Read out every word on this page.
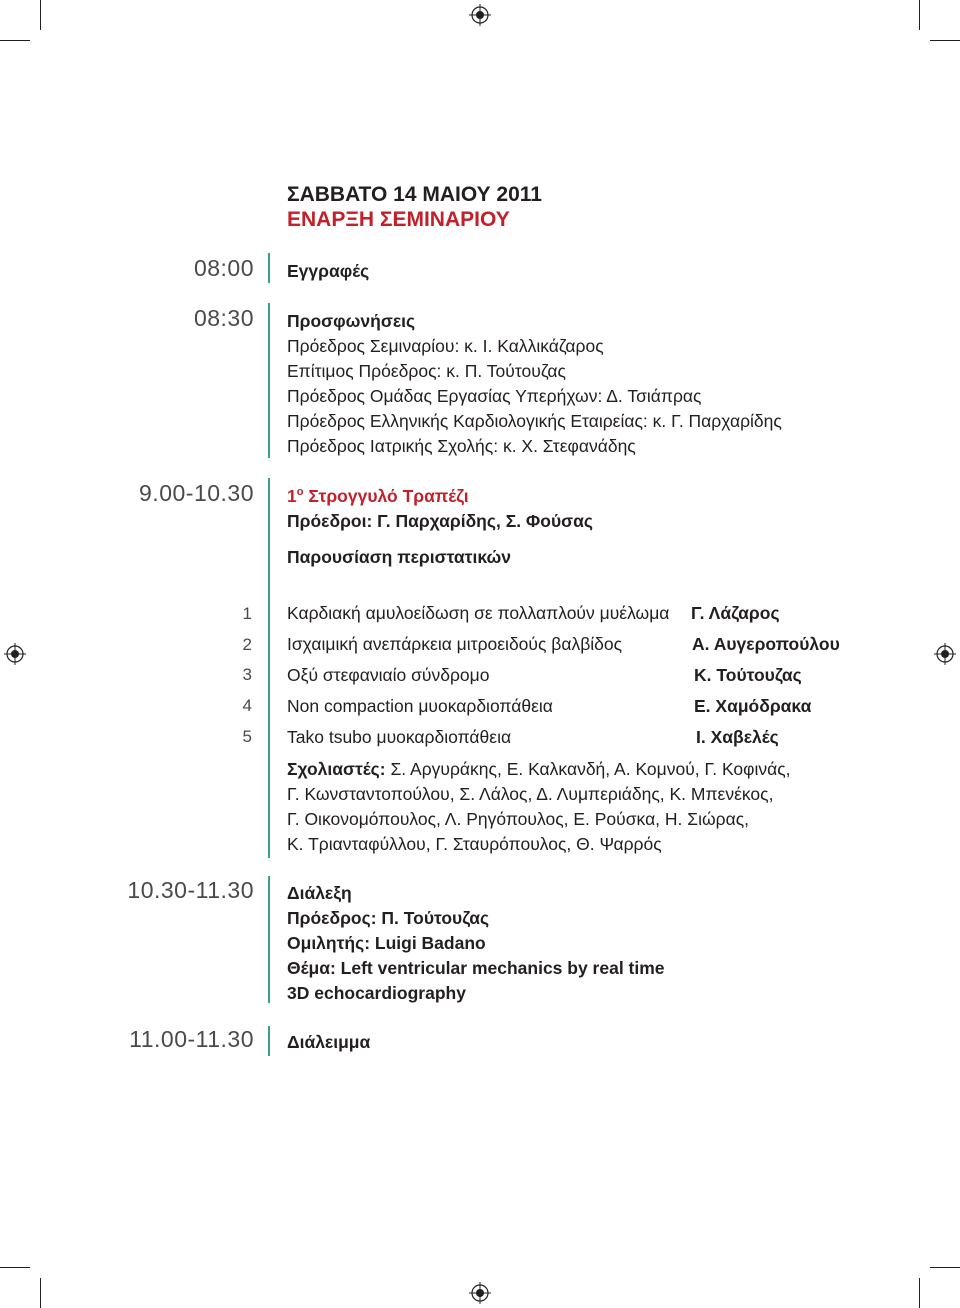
ΣΑΒΒΑΤΟ 14 ΜΑΙΟΥ 2011
ΕΝΑΡΞΗ ΣΕΜΙΝΑΡΙΟΥ
08:00 Εγγραφές
08:30 Προσφωνήσεις
Πρόεδρος Σεμιναρίου: κ. Ι. Καλλικάζαρος
Επίτιμος Πρόεδρος: κ. Π. Τούτουζας
Πρόεδρος Ομάδας Εργασίας Υπερήχων: Δ. Τσιάπρας
Πρόεδρος Ελληνικής Καρδιολογικής Εταιρείας: κ. Γ. Παρχαρίδης
Πρόεδρος Ιατρικής Σχολής: κ. Χ. Στεφανάδης
9.00-10.30 $1^o$ Στρογγυλό Τραπέζι
Πρόεδροι: Γ. Παρχαρίδης, Σ. Φούσας
Παρουσίαση περιστατικών
1 Καρδιακή αμυλοείδωση σε πολλαπλούν μυέλωμα Γ. Λάζαρος
2 Ισχαιμική ανεπάρκεια μιτροειδούς βαλβίδος	Α. Αυγεροπούλου
3 Οξύ στεφανιαίο σύνδρομο	Κ. Τούτουζας
4 Non compaction μυοκαρδιοπάθεια	Ε. Χαμόδρακα
5 Tako tsubo μυοκαρδιοπάθεια	Ι. Χαβελές
Σχολιαστές: Σ. Αργυράκης, Ε. Καλκανδή, Α. Κομνού, Γ. Κοφινάς,
Γ. Κωνσταντοπούλου, Σ. Λάλος, Δ. Λυμπεριάδης, Κ. Μπενέκος,
Γ. Οικονομόπουλος, Λ. Ρηγόπουλος, Ε. Ρούσκα, Η. Σιώρας,
Κ. Τριανταφύλλου, Γ. Σταυρόπουλος, Θ. Ψαρρός
10.30-11.30 Διάλεξη
Πρόεδρος: Π. Τούτουζας
Ομιλητής: Luigi Badano
Θέμα: Left ventricular mechanics by real time
3D echocardiography
11.00-11.30 Διάλειμμα
